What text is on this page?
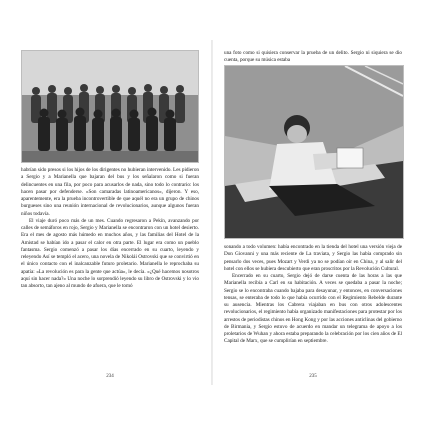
habrían sido presos si los hijos de los dirigentes no hubieran intervenido. Les pidieron a Sergio y a Marianella que bajaran del bus y los señalaron como si fueran delincuentes en una fila, por poco para acusarlos de nada, sino todo lo contrario: los hacen pasar por defenderse. «Son camaradas latinoamericanos», dijeron. Y eso, aparentemente, era la prueba incontrovertible de que aquél no era un grupo de chinos burgueses sino una reunión internacional de revolucionarios, aunque algunos fueran niños todavía.

El viaje duró poco más de un mes. Cuando regresaron a Pekín, avanzando por calles de semáforos en rojo, Sergio y Marianella se encontraron con un hotel desierto. Era el mes de agosto más húmedo en muchos años, y las familias del Hotel de la Amistad se habían ido a pasar el calor en otra parte. El lugar era como un pueblo fantasma. Sergio comenzó a pasar los días encerrado en su cuarto, leyendo y releyendo Así se templó el acero, una novela de Nikolái Ostrovski que se convirtió en el único contacto con el inalcanzable futuro proletario. Marianella le reprochaba su apatía: «La revolución es para la gente que actúa», le decía. «¿Qué hacemos nosotros aquí sin hacer nada?» Una noche lo sorprendió leyendo su libro de Ostrovski y lo vio tan absorto, tan ajeno al mundo de afuera, que le tomó

234

una foto como si quisiera conservar la prueba de un delito. Sergio ni siquiera se dio cuenta, porque su música estaba

sonando a todo volumen: había encontrado en la tienda del hotel una versión vieja de Don Giovanni y una más reciente de La traviata, y Sergio las había comprado sin pensarlo dos veces, pues Mozart y Verdi ya no se podían oír en China, y al salir del hotel con ellos se hubiera descubierto que eran proscritos por la Revolución Cultural.

Encerrado en su cuarto, Sergio dejó de darse cuenta de las horas a las que Marianella recibía a Carl en su habitación. A veces se quedaba a pasar la noche; Sergio se lo encontraba cuando bajaba para desayunar, y entonces, en conversaciones tensas, se enteraba de todo lo que había ocurrido con el Regimiento Rebelde durante su ausencia. Mientras los Cabrera viajaban en bus con otros adolescentes revolucionarios, el regimiento había organizado manifestaciones para protestar por los arrestos de periodistas chinos en Hong Kong y por las acciones anticlinas del gobierno de Birmania, y Sergio estuvo de acuerdo en mandar un telegrama de apoyo a los proletarios de Wuhan y ahora estaba preparando la celebración por los cien años de El Capital de Marx, que se cumplirían en septiembre.

235
